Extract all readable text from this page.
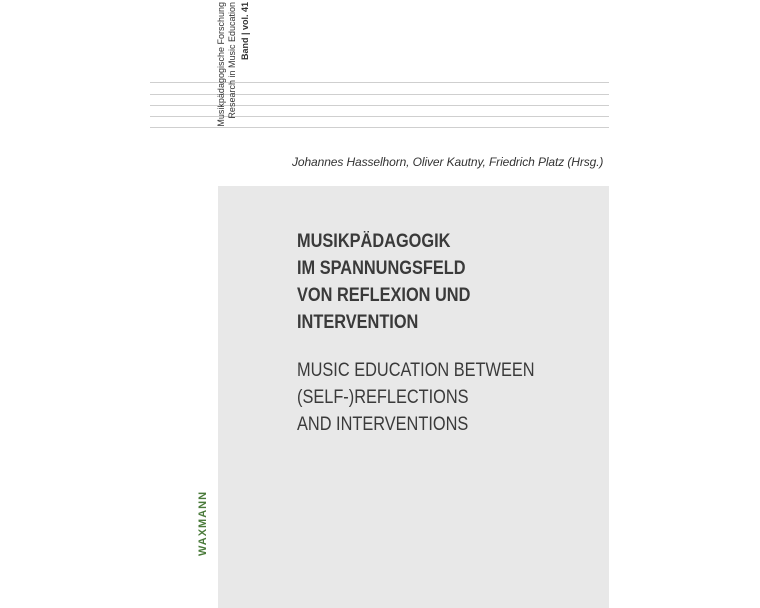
Musikpädagogische Forschung Research in Music Education Band | vol. 41
Johannes Hasselhorn, Oliver Kautny, Friedrich Platz (Hrsg.)
MUSIKPÄDAGOGIK
IM SPANNUNGSFELD
VON REFLEXION UND
INTERVENTION
MUSIC EDUCATION BETWEEN
(SELF-)REFLECTIONS
AND INTERVENTIONS
WAXMANN
